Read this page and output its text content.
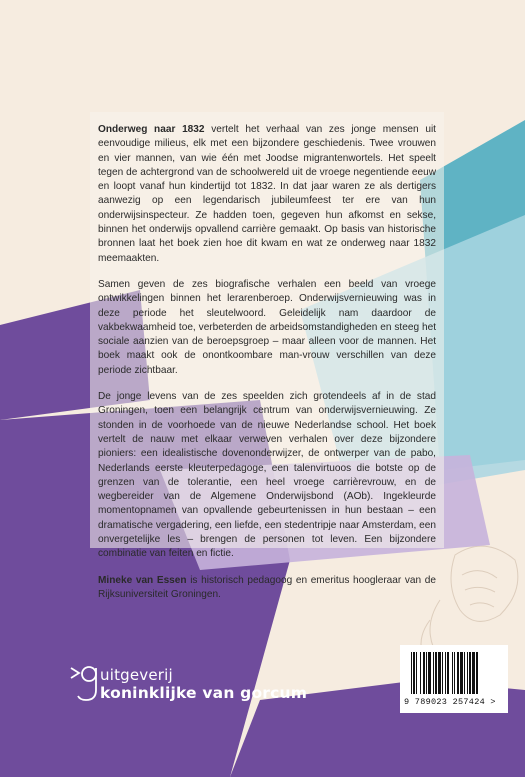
Onderweg naar 1832 vertelt het verhaal van zes jonge mensen uit eenvoudige milieus, elk met een bijzondere geschiedenis. Twee vrouwen en vier mannen, van wie één met Joodse migrantenwortels. Het speelt tegen de achtergrond van de schoolwereld uit de vroege negentiende eeuw en loopt vanaf hun kindertijd tot 1832. In dat jaar waren ze als dertigers aanwezig op een legendarisch jubileumfeest ter ere van hun onderwijsinspecteur. Ze hadden toen, gegeven hun afkomst en sekse, binnen het onderwijs opvallend carrière gemaakt. Op basis van historische bronnen laat het boek zien hoe dit kwam en wat ze onderweg naar 1832 meemaakten.

Samen geven de zes biografische verhalen een beeld van vroege ontwikkelingen binnen het lerarenberoep. Onderwijsvernieuwing was in deze periode het sleutelwoord. Geleidelijk nam daardoor de vakbekwaamheid toe, verbeterden de arbeidsomstandigheden en steeg het sociale aanzien van de beroepsgroep – maar alleen voor de mannen. Het boek maakt ook de onontkoombare man-vrouw verschillen van deze periode zichtbaar.

De jonge levens van de zes speelden zich grotendeels af in de stad Groningen, toen een belangrijk centrum van onderwijsvernieuwing. Ze stonden in de voorhoede van de nieuwe Nederlandse school. Het boek vertelt de nauw met elkaar verweven verhalen over deze bijzondere pioniers: een idealistische dovenonderwijzer, de ontwerper van de pabo, Nederlands eerste kleuterpedagoge, een talenvirtuoos die botste op de grenzen van de tolerantie, een heel vroege carrièrevrouw, en de wegbereider van de Algemene Onderwijsbond (AOb). Ingekleurde momentopnamen van opvallende gebeurtenissen in hun bestaan – een dramatische vergadering, een liefde, een stedentripje naar Amsterdam, een onvergetelijke les – brengen de personen tot leven. Een bijzondere combinatie van feiten en fictie.

Mineke van Essen is historisch pedagoog en emeritus hoogleraar van de Rijksuniversiteit Groningen.

uitgeverij
koninklijke van gorcum	9 789023 257424 >
